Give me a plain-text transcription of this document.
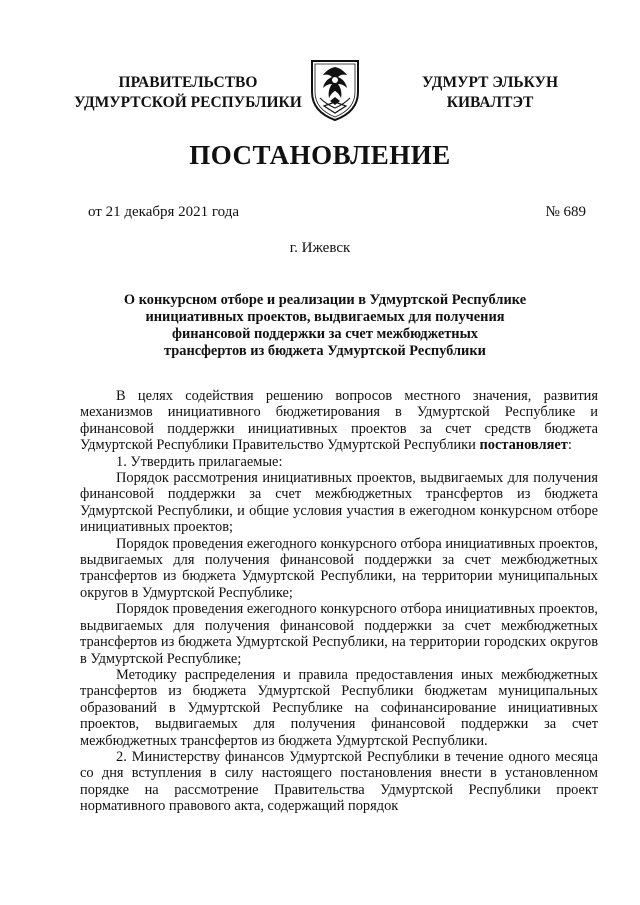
ПРАВИТЕЛЬСТВО
УДМУРТСКОЙ РЕСПУБЛИКИ
УДМУРТ ЭЛЬКУН
КИВАЛТЭТ
ПОСТАНОВЛЕНИЕ
от 21 декабря 2021 года	№ 689
г. Ижевск
О конкурсном отборе и реализации в Удмуртской Республике
инициативных проектов, выдвигаемых для получения
финансовой поддержки за счет межбюджетных
трансфертов из бюджета Удмуртской Республики

В целях содействия решению вопросов местного значения, развития механизмов инициативного бюджетирования в Удмуртской Республике и финансовой поддержки инициативных проектов за счет средств бюджета Удмуртской Республики Правительство Удмуртской Республики постановляет:

1. Утвердить прилагаемые:

Порядок рассмотрения инициативных проектов, выдвигаемых для получения финансовой поддержки за счет межбюджетных трансфертов из бюджета Удмуртской Республики, и общие условия участия в ежегодном конкурсном отборе инициативных проектов;

Порядок проведения ежегодного конкурсного отбора инициативных проектов, выдвигаемых для получения финансовой поддержки за счет межбюджетных трансфертов из бюджета Удмуртской Республики, на территории муниципальных округов в Удмуртской Республике;

Порядок проведения ежегодного конкурсного отбора инициативных проектов, выдвигаемых для получения финансовой поддержки за счет межбюджетных трансфертов из бюджета Удмуртской Республики, на территории городских округов в Удмуртской Республике;

Методику распределения и правила предоставления иных межбюджетных трансфертов из бюджета Удмуртской Республики бюджетам муниципальных образований в Удмуртской Республике на софинансирование инициативных проектов, выдвигаемых для получения финансовой поддержки за счет межбюджетных трансфертов из бюджета Удмуртской Республики.

2. Министерству финансов Удмуртской Республики в течение одного месяца со дня вступления в силу настоящего постановления внести в установленном порядке на рассмотрение Правительства Удмуртской Республики проект нормативного правового акта, содержащий порядок
